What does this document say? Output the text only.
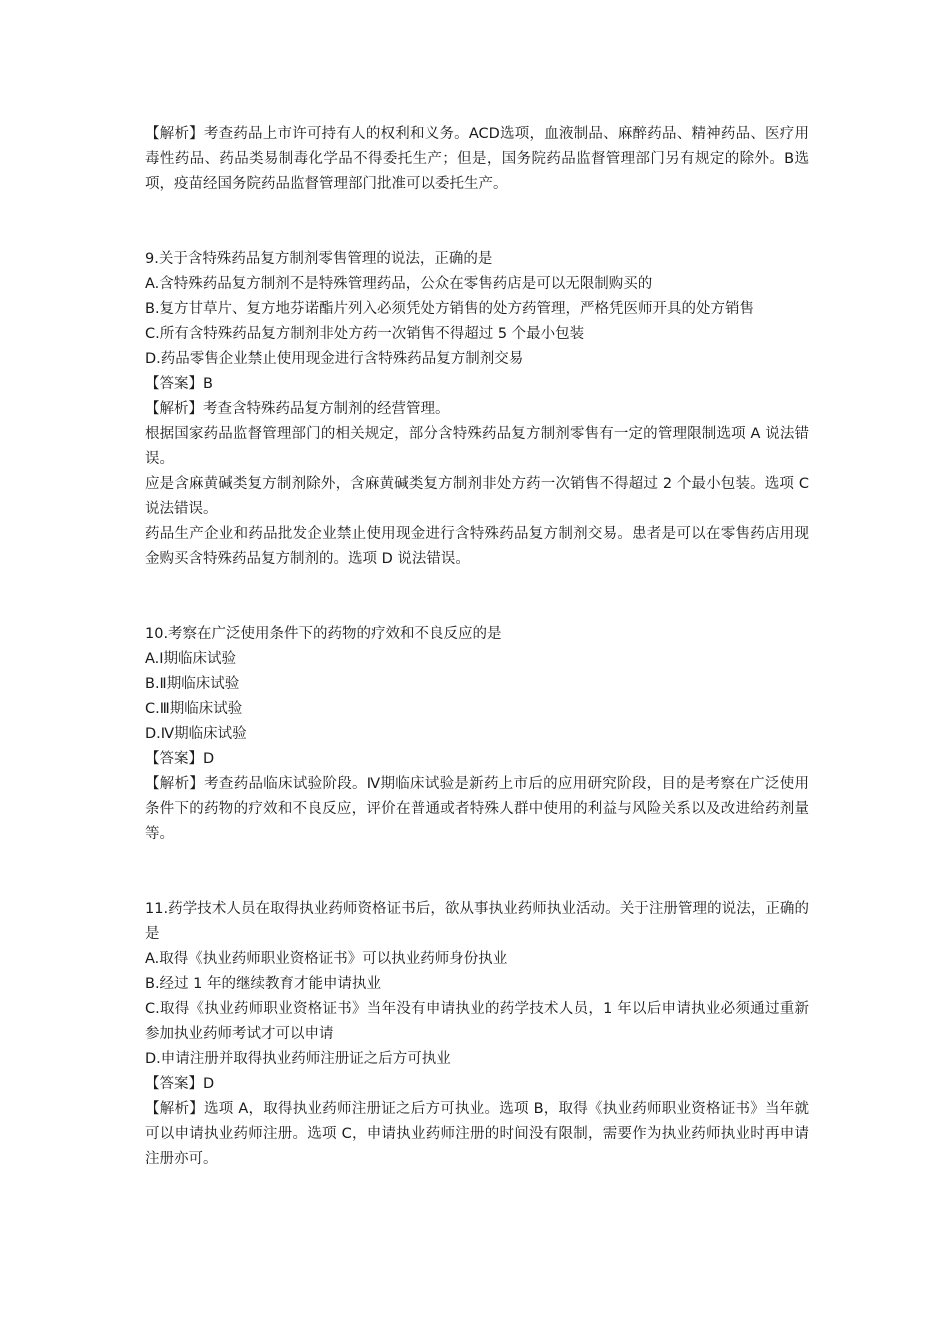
【解析】考查药品上市许可持有人的权利和义务。ACD选项，血液制品、麻醉药品、精神药品、医疗用毒性药品、药品类易制毒化学品不得委托生产；但是，国务院药品监督管理部门另有规定的除外。B选项，疫苗经国务院药品监督管理部门批准可以委托生产。

9.关于含特殊药品复方制剂零售管理的说法，正确的是

A.含特殊药品复方制剂不是特殊管理药品，公众在零售药店是可以无限制购买的

B.复方甘草片、复方地芬诺酯片列入必须凭处方销售的处方药管理，严格凭医师开具的处方销售

C.所有含特殊药品复方制剂非处方药一次销售不得超过 5 个最小包装

D.药品零售企业禁止使用现金进行含特殊药品复方制剂交易

【答案】B

【解析】考查含特殊药品复方制剂的经营管理。

根据国家药品监督管理部门的相关规定，部分含特殊药品复方制剂零售有一定的管理限制选项 A 说法错误。

应是含麻黄碱类复方制剂除外，含麻黄碱类复方制剂非处方药一次销售不得超过 2 个最小包装。选项 C 说法错误。

药品生产企业和药品批发企业禁止使用现金进行含特殊药品复方制剂交易。患者是可以在零售药店用现金购买含特殊药品复方制剂的。选项 D 说法错误。

10.考察在广泛使用条件下的药物的疗效和不良反应的是

A.Ⅰ期临床试验

B.Ⅱ期临床试验

C.Ⅲ期临床试验

D.Ⅳ期临床试验

【答案】D

【解析】考查药品临床试验阶段。Ⅳ期临床试验是新药上市后的应用研究阶段，目的是考察在广泛使用条件下的药物的疗效和不良反应，评价在普通或者特殊人群中使用的利益与风险关系以及改进给药剂量等。

11.药学技术人员在取得执业药师资格证书后，欲从事执业药师执业活动。关于注册管理的说法，正确的是

A.取得《执业药师职业资格证书》可以执业药师身份执业

B.经过 1 年的继续教育才能申请执业

C.取得《执业药师职业资格证书》当年没有申请执业的药学技术人员，1 年以后申请执业必须通过重新参加执业药师考试才可以申请

D.申请注册并取得执业药师注册证之后方可执业

【答案】D

【解析】选项 A，取得执业药师注册证之后方可执业。选项 B，取得《执业药师职业资格证书》当年就可以申请执业药师注册。选项 C，申请执业药师注册的时间没有限制，需要作为执业药师执业时再申请注册亦可。
